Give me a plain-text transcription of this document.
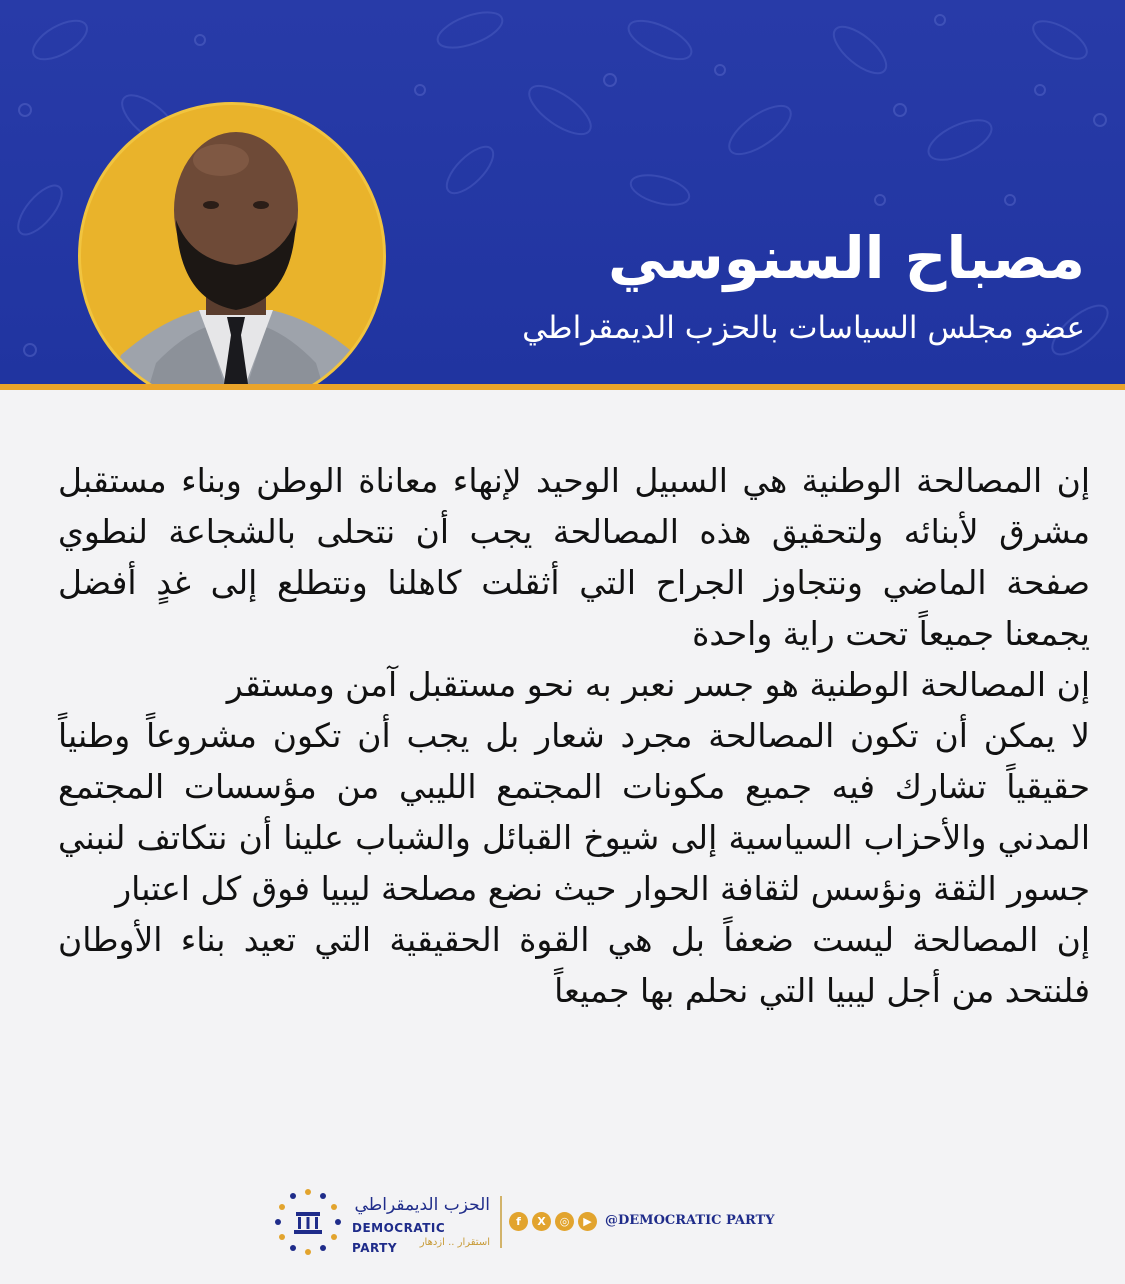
مصباح السنوسي
عضو مجلس السياسات بالحزب الديمقراطي

إن المصالحة الوطنية هي السبيل الوحيد لإنهاء معاناة الوطن وبناء مستقبل مشرق لأبنائه ولتحقيق هذه المصالحة يجب أن نتحلى بالشجاعة لنطوي صفحة الماضي ونتجاوز الجراح التي أثقلت كاهلنا ونتطلع إلى غدٍ أفضل يجمعنا جميعاً تحت راية واحدة

إن المصالحة الوطنية هو جسر نعبر به نحو مستقبل آمن ومستقر

لا يمكن أن تكون المصالحة مجرد شعار بل يجب أن تكون مشروعاً وطنياً حقيقياً تشارك فيه جميع مكونات المجتمع الليبي من مؤسسات المجتمع المدني والأحزاب السياسية إلى شيوخ القبائل والشباب علينا أن نتكاتف لنبني جسور الثقة ونؤسس لثقافة الحوار حيث نضع مصلحة ليبيا فوق كل اعتبار

إن المصالحة ليست ضعفاً بل هي القوة الحقيقية التي تعيد بناء الأوطان فلنتحد من أجل ليبيا التي نحلم بها جميعاً

الحزب الديمقراطي
DEMOCRATIC PARTY	استقرار .. ازدهار
f	X	◎	▶	@DEMOCRATIC PARTY
